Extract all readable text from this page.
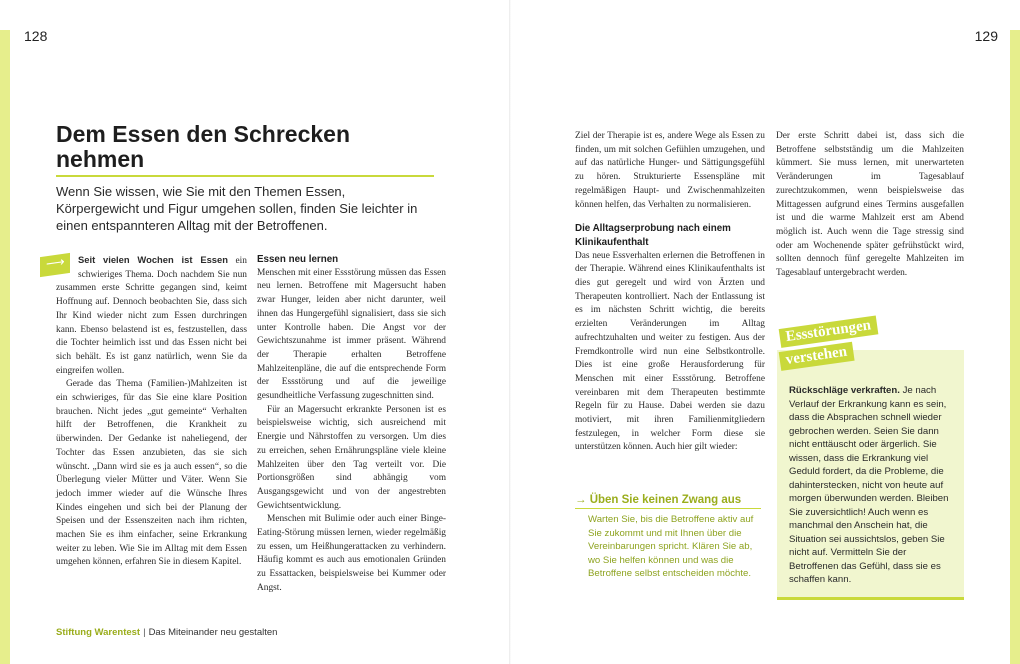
128	129
Dem Essen den Schrecken nehmen

Wenn Sie wissen, wie Sie mit den Themen Essen, Körpergewicht und Figur umgehen sollen, finden Sie leichter in einen entspannteren Alltag mit der Betroffenen.

⟶	Seit vielen Wochen ist Essen ein schwieriges Thema. Doch nachdem Sie nun zusammen erste Schritte gegangen sind, keimt Hoffnung auf. Dennoch beobachten Sie, dass sich Ihr Kind wieder nicht zum Essen durchringen kann. Ebenso belastend ist es, festzustellen, dass die Tochter heimlich isst und das Essen nicht bei sich behält. Es ist ganz natürlich, wenn Sie da eingreifen wollen.

Gerade das Thema (Familien-)Mahlzeiten ist ein schwieriges, für das Sie eine klare Position brauchen. Nicht jedes „gut gemeinte“ Verhalten hilft der Betroffenen, die Krankheit zu überwinden. Der Gedanke ist naheliegend, der Tochter das Essen anzubieten, das sie sich wünscht. „Dann wird sie es ja auch essen“, so die Überlegung vieler Mütter und Väter. Wenn Sie jedoch immer wieder auf die Wünsche Ihres Kindes eingehen und sich bei der Planung der Speisen und der Essenszeiten nach ihm richten, machen Sie es ihm einfacher, seine Erkrankung weiter zu leben. Wie Sie im Alltag mit dem Essen umgehen können, erfahren Sie in diesem Kapitel.

Essen neu lernen

Menschen mit einer Essstörung müssen das Essen neu lernen. Betroffene mit Magersucht haben zwar Hunger, leiden aber nicht darunter, weil ihnen das Hungergefühl signalisiert, dass sie sich unter Kontrolle haben. Die Angst vor der Gewichtszunahme ist immer präsent. Während der Therapie erhalten Betroffene Mahlzeitenpläne, die auf die entsprechende Form der Essstörung und auf die jeweilige gesundheitliche Verfassung zugeschnitten sind.

Für an Magersucht erkrankte Personen ist es beispielsweise wichtig, sich ausreichend mit Energie und Nährstoffen zu versorgen. Um dies zu erreichen, sehen Ernährungspläne viele kleine Mahlzeiten über den Tag verteilt vor. Die Portionsgrößen sind abhängig vom Ausgangsgewicht und von der angestrebten Gewichtsentwicklung.

Menschen mit Bulimie oder auch einer Binge-Eating-Störung müssen lernen, wieder regelmäßig zu essen, um Heißhungerattacken zu verhindern. Häufig kommt es auch aus emotionalen Gründen zu Essattacken, beispielsweise bei Kummer oder Angst.

Ziel der Therapie ist es, andere Wege als Essen zu finden, um mit solchen Gefühlen umzugehen, und auf das natürliche Hunger- und Sättigungsgefühl zu hören. Strukturierte Essenspläne mit regelmäßigen Haupt- und Zwischenmahlzeiten können helfen, das Verhalten zu normalisieren.

Die Alltagserprobung nach einem Klinikaufenthalt

Das neue Essverhalten erlernen die Betroffenen in der Therapie. Während eines Klinikaufenthalts ist dies gut geregelt und wird von Ärzten und Therapeuten kontrolliert. Nach der Entlassung ist es im nächsten Schritt wichtig, die bereits erzielten Veränderungen im Alltag aufrechtzuhalten und weiter zu festigen. Aus der Fremdkontrolle wird nun eine Selbstkontrolle. Dies ist eine große Herausforderung für Menschen mit einer Essstörung. Betroffene vereinbaren mit dem Therapeuten bestimmte Regeln für zu Hause. Dabei werden sie dazu motiviert, mit ihren Familienmitgliedern festzulegen, in welcher Form diese sie unterstützen können. Auch hier gilt wieder:

→ Üben Sie keinen Zwang aus
Warten Sie, bis die Betroffene aktiv auf Sie zukommt und mit Ihnen über die Vereinbarungen spricht. Klären Sie ab, wo Sie helfen können und was die Betroffene selbst entscheiden möchte.

Der erste Schritt dabei ist, dass sich die Betroffene selbstständig um die Mahlzeiten kümmert. Sie muss lernen, mit unerwarteten Veränderungen im Tagesablauf zurechtzukommen, wenn beispielsweise das Mittagessen aufgrund eines Termins ausgefallen ist und die warme Mahlzeit erst am Abend möglich ist. Auch wenn die Tage stressig sind oder am Wochenende später gefrühstückt wird, sollten dennoch fünf geregelte Mahlzeiten im Tagesablauf untergebracht werden.

Essstörungen
verstehen

Rückschläge verkraften. Je nach Verlauf der Erkrankung kann es sein, dass die Absprachen schnell wieder gebrochen werden. Seien Sie dann nicht enttäuscht oder ärgerlich. Sie wissen, dass die Erkrankung viel Geduld fordert, da die Probleme, die dahinterstecken, nicht von heute auf morgen überwunden werden. Bleiben Sie zuversichtlich! Auch wenn es manchmal den Anschein hat, die Situation sei aussichtslos, geben Sie nicht auf. Vermitteln Sie der Betroffenen das Gefühl, dass sie es schaffen kann.

Stiftung Warentest | Das Miteinander neu gestalten
